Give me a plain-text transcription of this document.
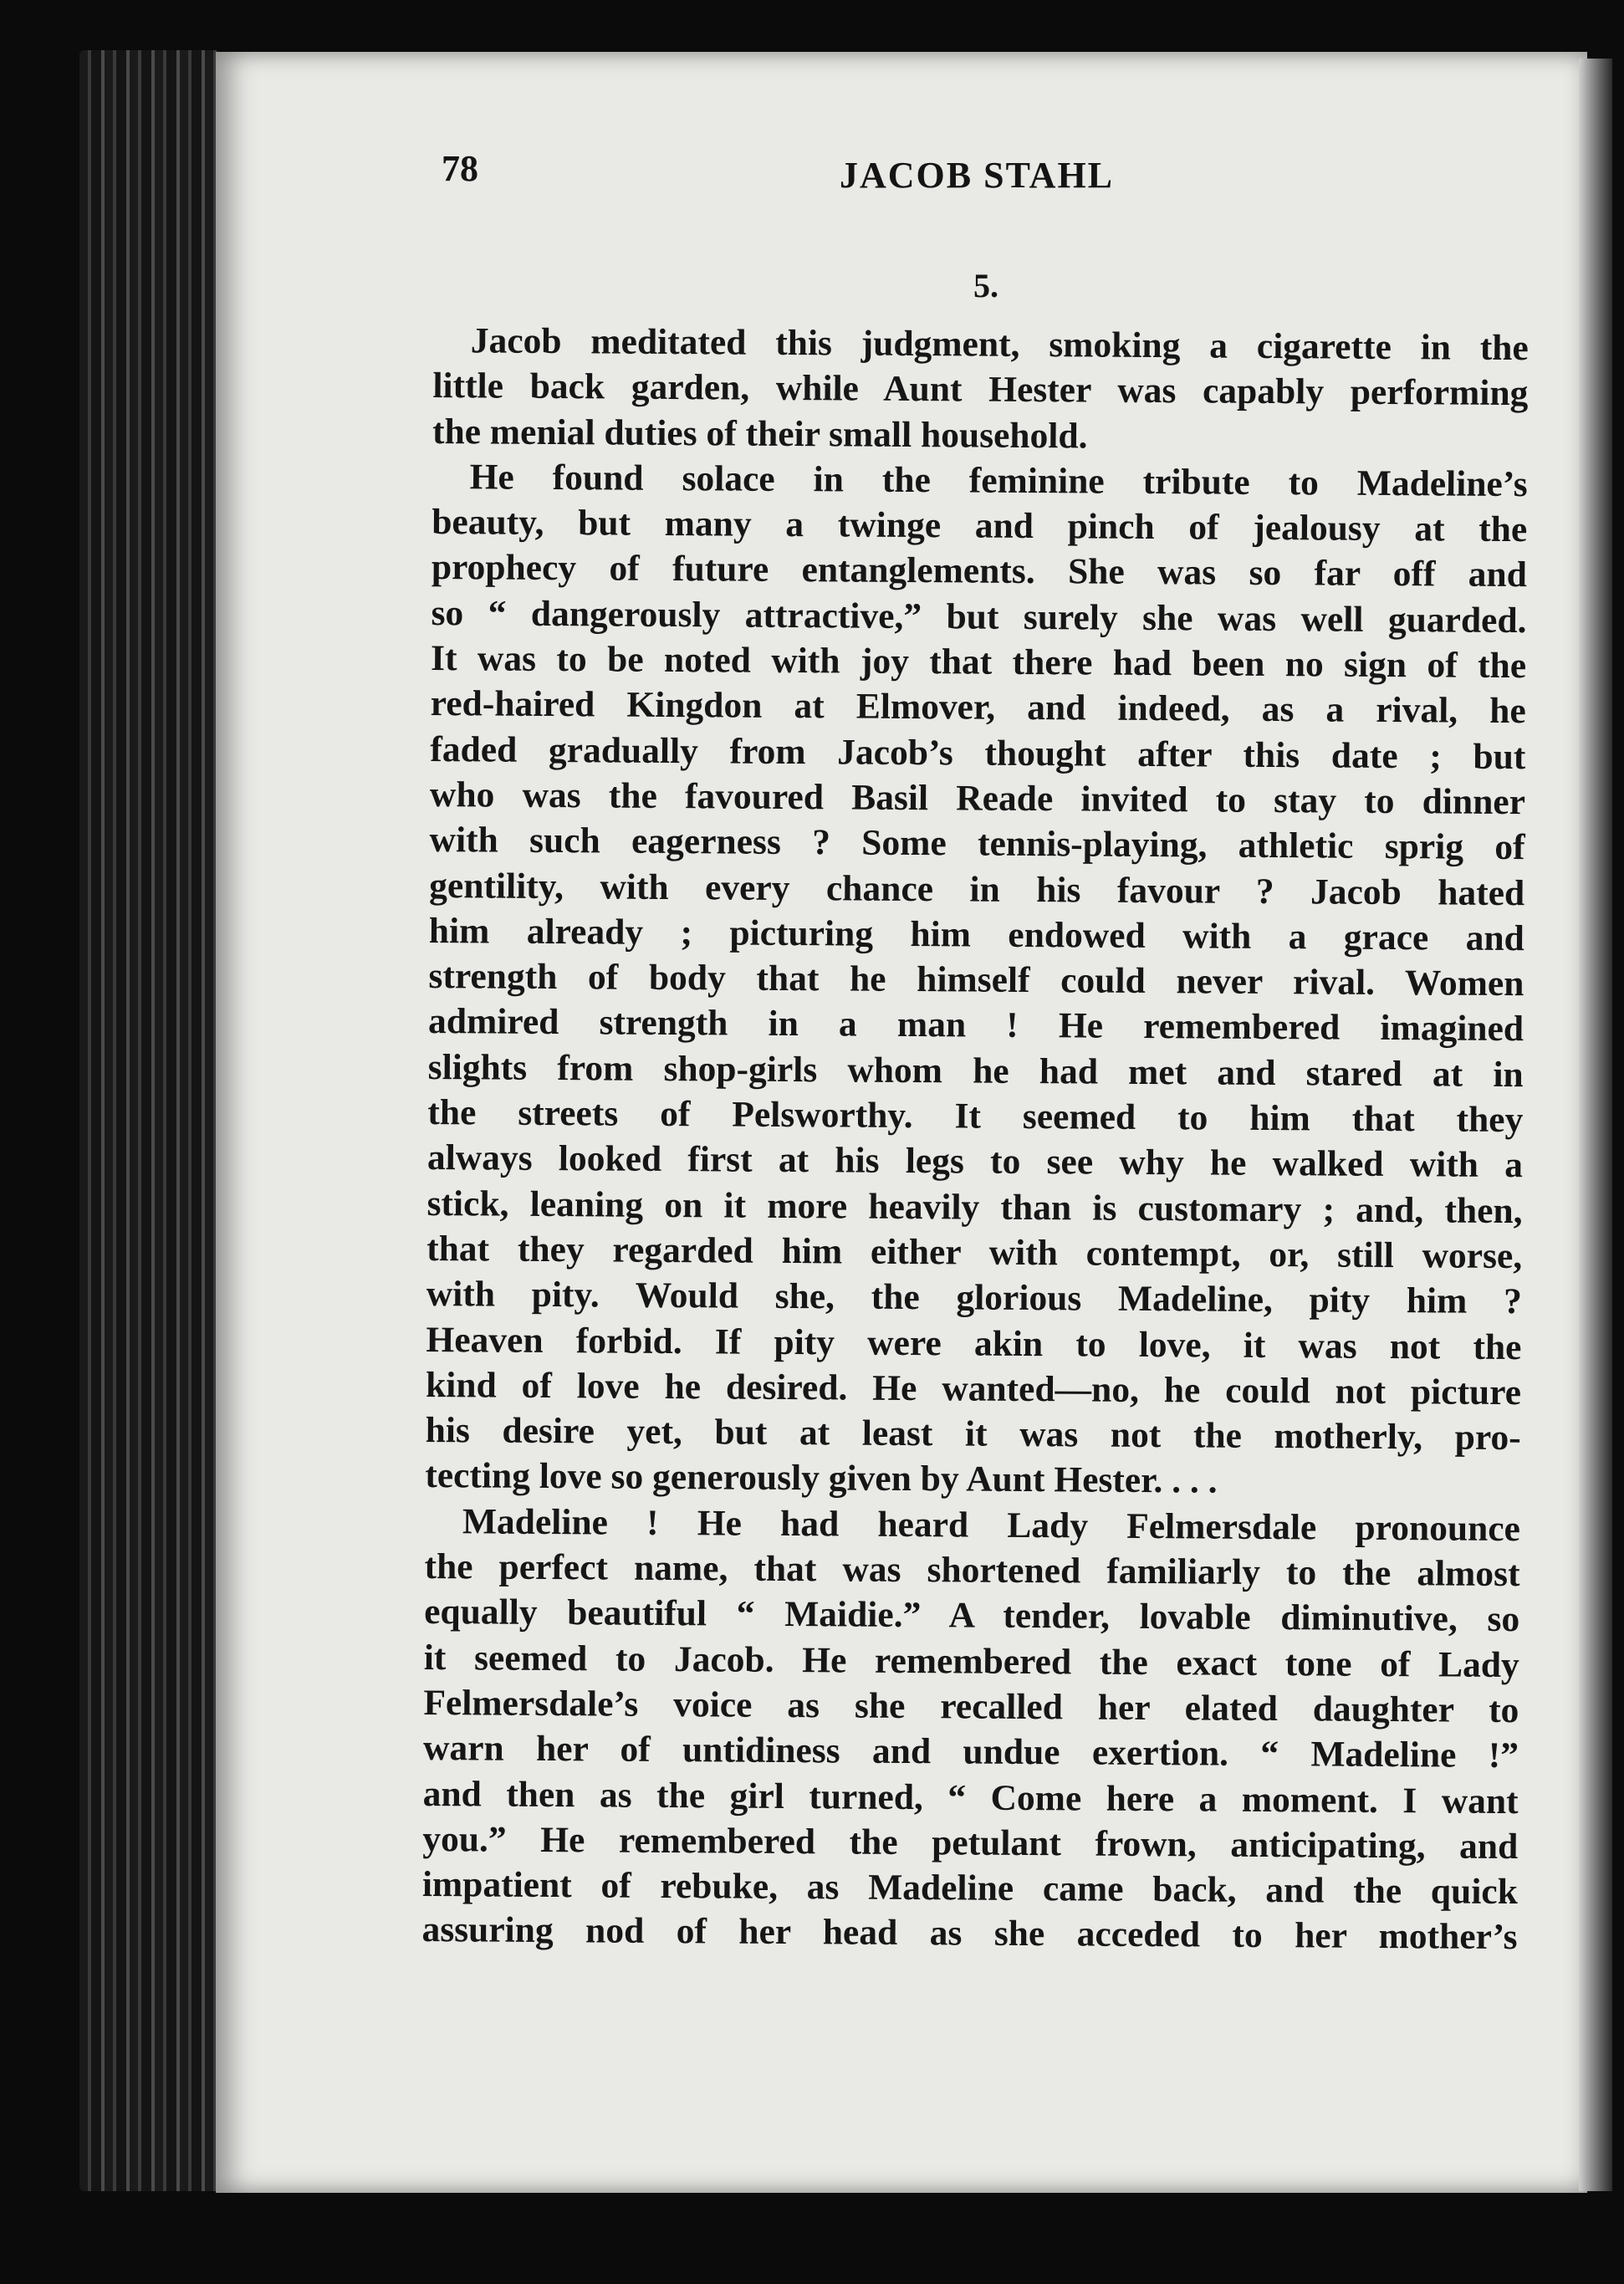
78	JACOB STAHL
5.
Jacob meditated this judgment, smoking a cigarette in the
little back garden, while Aunt Hester was capably performing
the menial duties of their small household.
He found solace in the feminine tribute to Madeline’s
beauty, but many a twinge and pinch of jealousy at the
prophecy of future entanglements. She was so far off and
so “ dangerously attractive,” but surely she was well guarded.
It was to be noted with joy that there had been no sign of the
red-haired Kingdon at Elmover, and indeed, as a rival, he
faded gradually from Jacob’s thought after this date ; but
who was the favoured Basil Reade invited to stay to dinner
with such eagerness ? Some tennis-playing, athletic sprig of
gentility, with every chance in his favour ? Jacob hated
him already ; picturing him endowed with a grace and
strength of body that he himself could never rival. Women
admired strength in a man ! He remembered imagined
slights from shop-girls whom he had met and stared at in
the streets of Pelsworthy. It seemed to him that they
always looked first at his legs to see why he walked with a
stick, leaning on it more heavily than is customary ; and, then,
that they regarded him either with contempt, or, still worse,
with pity. Would she, the glorious Madeline, pity him ?
Heaven forbid. If pity were akin to love, it was not the
kind of love he desired. He wanted—no, he could not picture
his desire yet, but at least it was not the motherly, pro-
tecting love so generously given by Aunt Hester. . . .
Madeline ! He had heard Lady Felmersdale pronounce
the perfect name, that was shortened familiarly to the almost
equally beautiful “ Maidie.” A tender, lovable diminutive, so
it seemed to Jacob. He remembered the exact tone of Lady
Felmersdale’s voice as she recalled her elated daughter to
warn her of untidiness and undue exertion. “ Madeline !”
and then as the girl turned, “ Come here a moment. I want
you.” He remembered the petulant frown, anticipating, and
impatient of rebuke, as Madeline came back, and the quick
assuring nod of her head as she acceded to her mother’s
